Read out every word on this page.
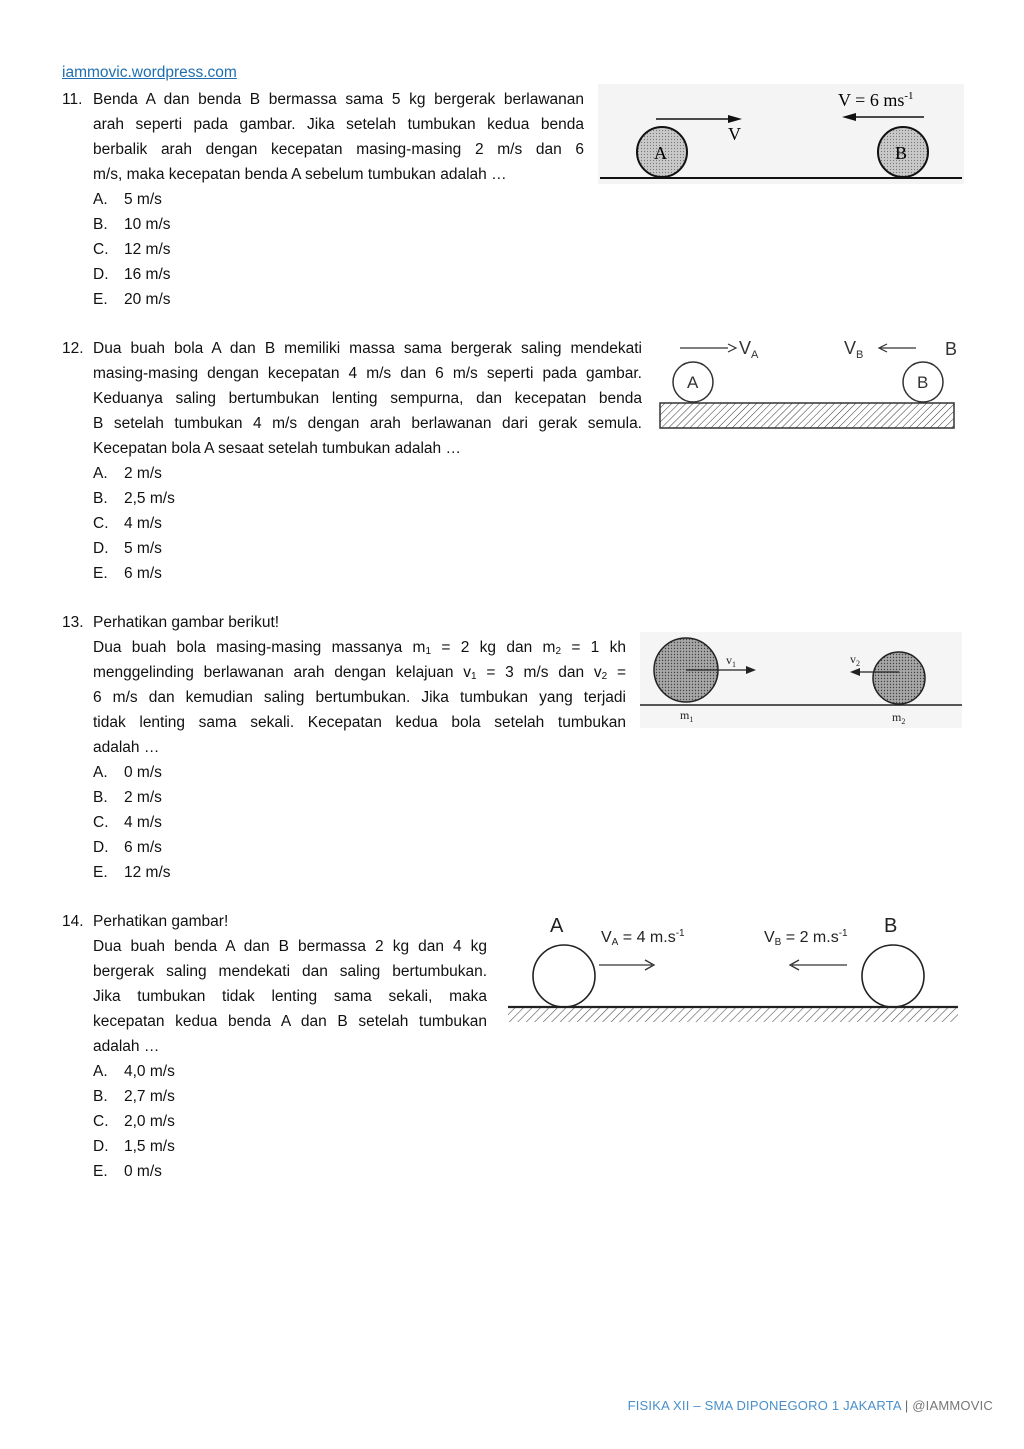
iammovic.wordpress.com
11. Benda A dan benda B bermassa sama 5 kg bergerak berlawanan
arah seperti pada gambar. Jika setelah tumbukan kedua benda
berbalik arah dengan kecepatan masing-masing 2 m/s dan 6
m/s, maka kecepatan benda A sebelum tumbukan adalah …
A.	5 m/s
B.	10 m/s
C.	12 m/s
D.	16 m/s
E.	20 m/s
V = 6 $ms^{-1}$
V
A	B
12. Dua buah bola A dan B memiliki massa sama bergerak saling mendekati
masing-masing dengan kecepatan 4 m/s dan 6 m/s seperti pada gambar.
Keduanya saling bertumbukan lenting sempurna, dan kecepatan benda
B setelah tumbukan 4 m/s dengan arah berlawanan dari gerak semula.
Kecepatan bola A sesaat setelah tumbukan adalah …
A.	2 m/s
B.	2,5 m/s
C.	4 m/s
D.	5 m/s
E.	6 m/s
$V_A$	$V_B$	B
A	B
13. Perhatikan gambar berikut!
Dua buah bola masing-masing massanya $m_1 = 2$ kg dan $m_2 = 1$ kh
menggelinding berlawanan arah dengan kelajuan $v_1 = 3$ m/s dan $v_2$ =
6 m/s dan kemudian saling bertumbukan. Jika tumbukan yang terjadi
tidak lenting sama sekali. Kecepatan kedua bola setelah tumbukan
adalah …
A.	0 m/s
B.	2 m/s
C.	4 m/s
D.	6 m/s
E.	12 m/s
$v_1$	$v_2$
$m_1$	$m_2$
14. Perhatikan gambar!
Dua buah benda A dan B bermassa 2 kg dan 4 kg
bergerak saling mendekati dan saling bertumbukan.
Jika tumbukan tidak lenting sama sekali, maka
kecepatan kedua benda A dan B setelah tumbukan
adalah …
A.	4,0 m/s
B.	2,7 m/s
C.	2,0 m/s
D.	1,5 m/s
E.	0 m/s
A
VA = 4 $m.s^{-1}$	VB = 2 $m.s^{-1}$ B
FISIKA XII – SMA DIPONEGORO 1 JAKARTA | @IAMMOVIC
